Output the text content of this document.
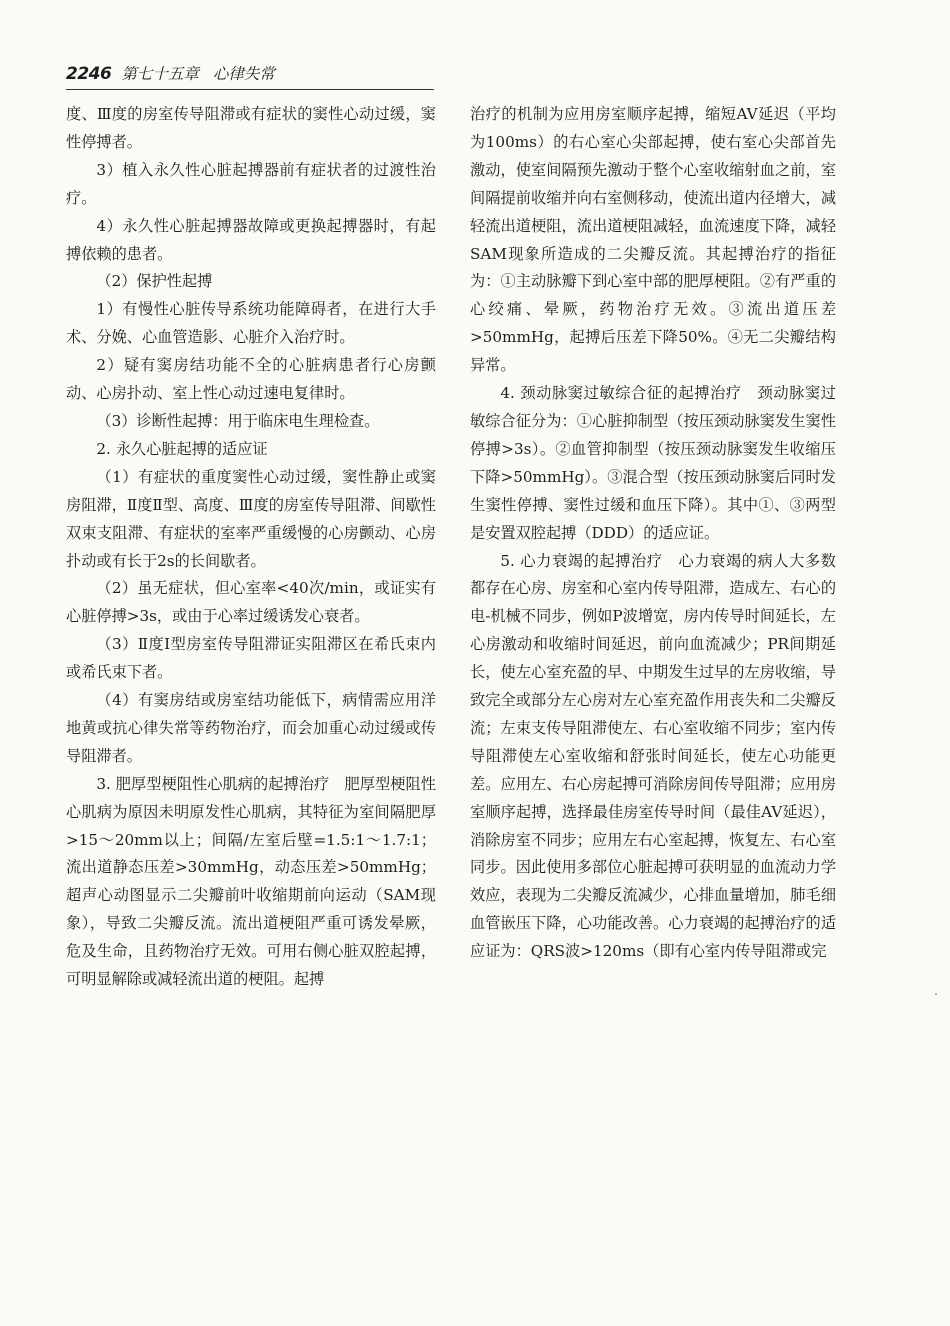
2246 第七十五章 心律失常

度、Ⅲ度的房室传导阻滞或有症状的窦性心动过缓，窦性停搏者。

3）植入永久性心脏起搏器前有症状者的过渡性治疗。

4）永久性心脏起搏器故障或更换起搏器时，有起搏依赖的患者。

（2）保护性起搏

1）有慢性心脏传导系统功能障碍者，在进行大手术、分娩、心血管造影、心脏介入治疗时。

2）疑有窦房结功能不全的心脏病患者行心房颤动、心房扑动、室上性心动过速电复律时。

（3）诊断性起搏：用于临床电生理检查。

2. 永久心脏起搏的适应证

（1）有症状的重度窦性心动过缓，窦性静止或窦房阻滞，Ⅱ度Ⅱ型、高度、Ⅲ度的房室传导阻滞、间歇性双束支阻滞、有症状的室率严重缓慢的心房颤动、心房扑动或有长于2s的长间歇者。

（2）虽无症状，但心室率<40次/min，或证实有心脏停搏>3s，或由于心率过缓诱发心衰者。

（3）Ⅱ度Ⅰ型房室传导阻滞证实阻滞区在希氏束内或希氏束下者。

（4）有窦房结或房室结功能低下，病情需应用洋地黄或抗心律失常等药物治疗，而会加重心动过缓或传导阻滞者。

3. 肥厚型梗阻性心肌病的起搏治疗　肥厚型梗阻性心肌病为原因未明原发性心肌病，其特征为室间隔肥厚>15～20mm以上；间隔/左室后壁=1.5:1～1.7:1；流出道静态压差>30mmHg，动态压差>50mmHg；超声心动图显示二尖瓣前叶收缩期前向运动（SAM现象），导致二尖瓣反流。流出道梗阻严重可诱发晕厥，危及生命，且药物治疗无效。可用右侧心脏双腔起搏，可明显解除或减轻流出道的梗阻。起搏

治疗的机制为应用房室顺序起搏，缩短AV延迟（平均为100ms）的右心室心尖部起搏，使右室心尖部首先激动，使室间隔预先激动于整个心室收缩射血之前，室间隔提前收缩并向右室侧移动，使流出道内径增大，减轻流出道梗阻，流出道梗阻减轻，血流速度下降，减轻SAM现象所造成的二尖瓣反流。其起搏治疗的指征为：①主动脉瓣下到心室中部的肥厚梗阻。②有严重的心绞痛、晕厥，药物治疗无效。③流出道压差>50mmHg，起搏后压差下降50%。④无二尖瓣结构异常。

4. 颈动脉窦过敏综合征的起搏治疗　颈动脉窦过敏综合征分为：①心脏抑制型（按压颈动脉窦发生窦性停搏>3s）。②血管抑制型（按压颈动脉窦发生收缩压下降>50mmHg）。③混合型（按压颈动脉窦后同时发生窦性停搏、窦性过缓和血压下降）。其中①、③两型是安置双腔起搏（DDD）的适应证。

5. 心力衰竭的起搏治疗　心力衰竭的病人大多数都存在心房、房室和心室内传导阻滞，造成左、右心的电-机械不同步，例如P波增宽，房内传导时间延长，左心房激动和收缩时间延迟，前向血流减少；PR间期延长，使左心室充盈的早、中期发生过早的左房收缩，导致完全或部分左心房对左心室充盈作用丧失和二尖瓣反流；左束支传导阻滞使左、右心室收缩不同步；室内传导阻滞使左心室收缩和舒张时间延长，使左心功能更差。应用左、右心房起搏可消除房间传导阻滞；应用房室顺序起搏，选择最佳房室传导时间（最佳AV延迟），消除房室不同步；应用左右心室起搏，恢复左、右心室同步。因此使用多部位心脏起搏可获明显的血流动力学效应，表现为二尖瓣反流减少，心排血量增加，肺毛细血管嵌压下降，心功能改善。心力衰竭的起搏治疗的适应证为：QRS波>120ms（即有心室内传导阻滞或完
